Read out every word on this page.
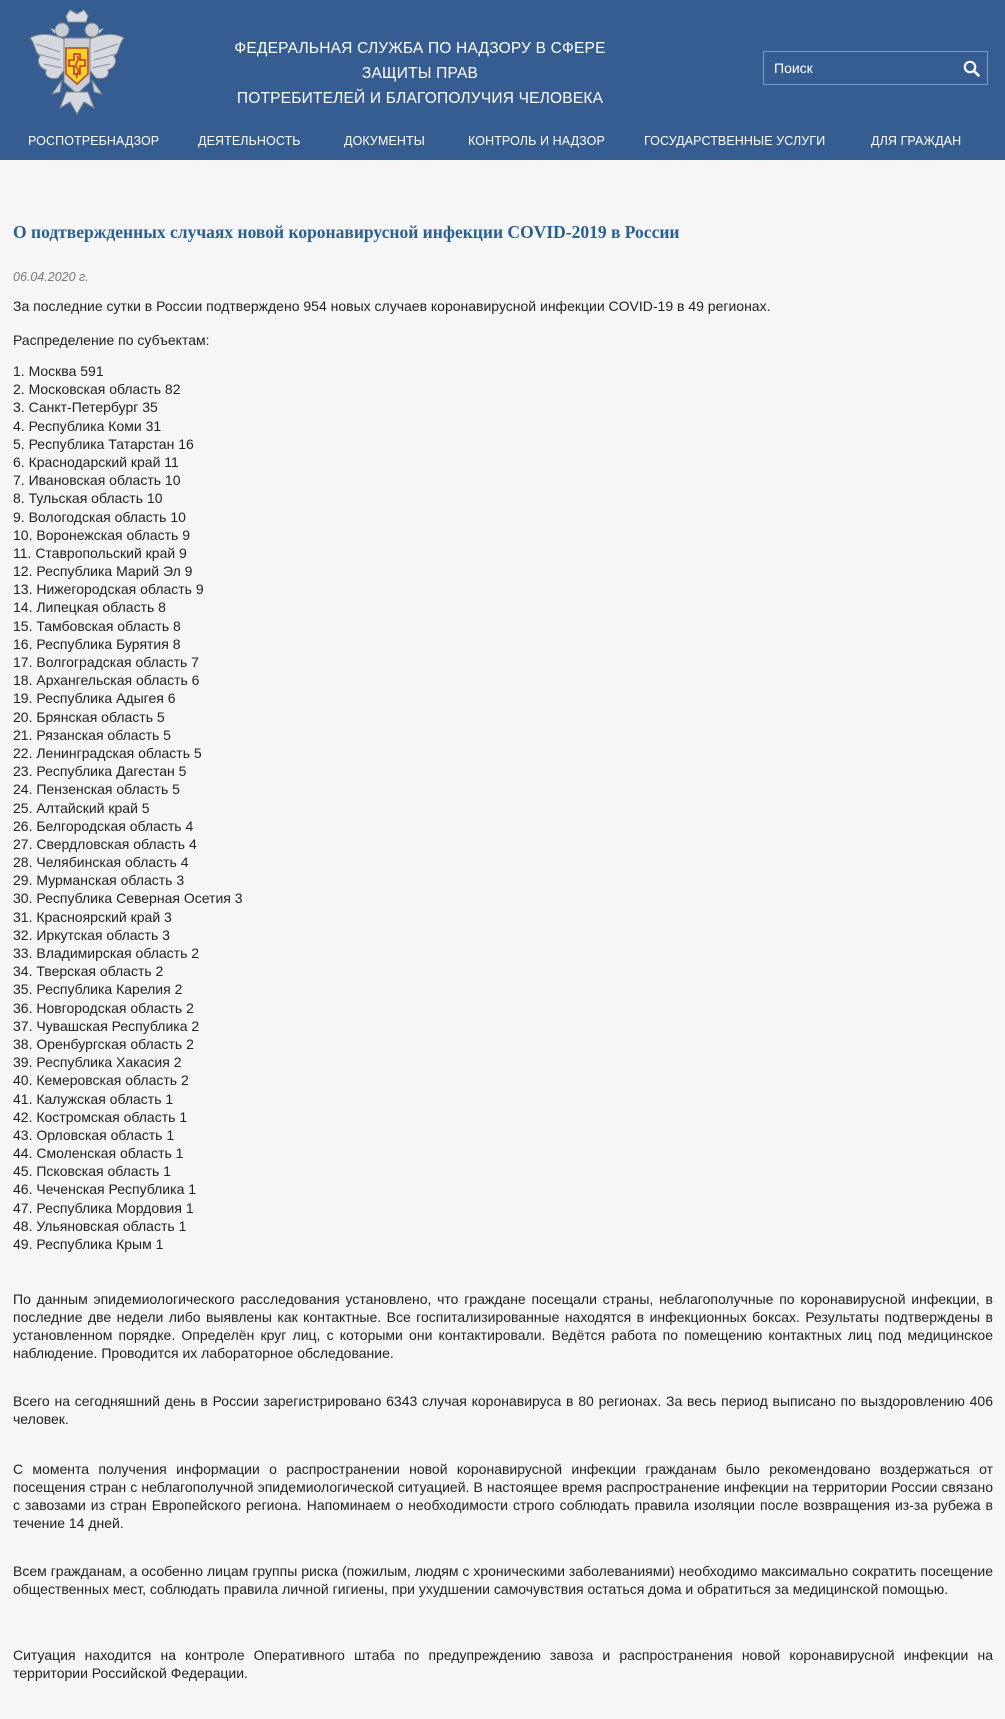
ФЕДЕРАЛЬНАЯ СЛУЖБА ПО НАДЗОРУ В СФЕРЕ ЗАЩИТЫ ПРАВ
ПОТРЕБИТЕЛЕЙ И БЛАГОПОЛУЧИЯ ЧЕЛОВЕКА
Поиск
РОСПОТРЕБНАДЗОР	ДЕЯТЕЛЬНОСТЬ	ДОКУМЕНТЫ	КОНТРОЛЬ И НАДЗОР	ГОСУДАРСТВЕННЫЕ УСЛУГИ	ДЛЯ ГРАЖДАН
О подтвержденных случаях новой коронавирусной инфекции COVID-2019 в России
06.04.2020 г.

За последние сутки в России подтверждено 954 новых случаев коронавирусной инфекции COVID-19 в 49 регионах.

Распределение по субъектам:

1. Москва 591
2. Московская область 82
3. Санкт-Петербург 35
4. Республика Коми 31
5. Республика Татарстан 16
6. Краснодарский край 11
7. Ивановская область 10
8. Тульская область 10
9. Вологодская область 10
10. Воронежская область 9
11. Ставропольский край 9
12. Республика Марий Эл 9
13. Нижегородская область 9
14. Липецкая область 8
15. Тамбовская область 8
16. Республика Бурятия 8
17. Волгоградская область 7
18. Архангельская область 6
19. Республика Адыгея 6
20. Брянская область 5
21. Рязанская область 5
22. Ленинградская область 5
23. Республика Дагестан 5
24. Пензенская область 5
25. Алтайский край 5
26. Белгородская область 4
27. Свердловская область 4
28. Челябинская область 4
29. Мурманская область 3
30. Республика Северная Осетия 3
31. Красноярский край 3
32. Иркутская область 3
33. Владимирская область 2
34. Тверская область 2
35. Республика Карелия 2
36. Новгородская область 2
37. Чувашская Республика 2
38. Оренбургская область 2
39. Республика Хакасия 2
40. Кемеровская область 2
41. Калужская область 1
42. Костромская область 1
43. Орловская область 1
44. Смоленская область 1
45. Псковская область 1
46. Чеченская Республика 1
47. Республика Мордовия 1
48. Ульяновская область 1
49. Республика Крым 1

По данным эпидемиологического расследования установлено, что граждане посещали страны, неблагополучные по коронавирусной инфекции, в последние две недели либо выявлены как контактные. Все госпитализированные находятся в инфекционных боксах. Результаты подтверждены в установленном порядке. Определён круг лиц, с которыми они контактировали. Ведётся работа по помещению контактных лиц под медицинское наблюдение. Проводится их лабораторное обследование.

Всего на сегодняшний день в России зарегистрировано 6343 случая коронавируса в 80 регионах. За весь период выписано по выздоровлению 406 человек.

С момента получения информации о распространении новой коронавирусной инфекции гражданам было рекомендовано воздержаться от посещения стран с неблагополучной эпидемиологической ситуацией. В настоящее время распространение инфекции на территории России связано с завозами из стран Европейского региона. Напоминаем о необходимости строго соблюдать правила изоляции после возвращения из-за рубежа в течение 14 дней.

Всем гражданам, а особенно лицам группы риска (пожилым, людям с хроническими заболеваниями) необходимо максимально сократить посещение общественных мест, соблюдать правила личной гигиены, при ухудшении самочувствия остаться дома и обратиться за медицинской помощью.

Ситуация находится на контроле Оперативного штаба по предупреждению завоза и распространения новой коронавирусной инфекции на территории Российской Федерации.
